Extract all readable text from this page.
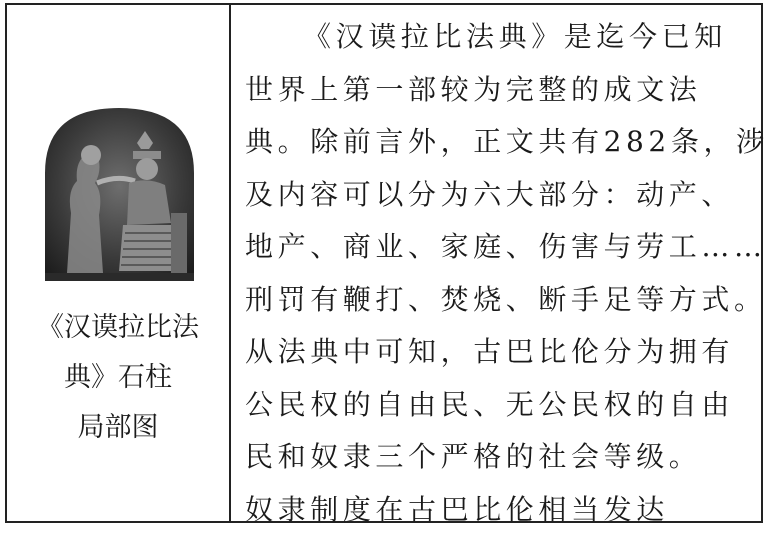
《汉谟拉比法
典》石柱
局部图
《汉谟拉比法典》是迄今已知
世界上第一部较为完整的成文法
典。除前言外，正文共有282条，涉
及内容可以分为六大部分：动产、
地产、商业、家庭、伤害与劳工……
刑罚有鞭打、焚烧、断手足等方式。
从法典中可知，古巴比伦分为拥有
公民权的自由民、无公民权的自由
民和奴隶三个严格的社会等级。
奴隶制度在古巴比伦相当发达
